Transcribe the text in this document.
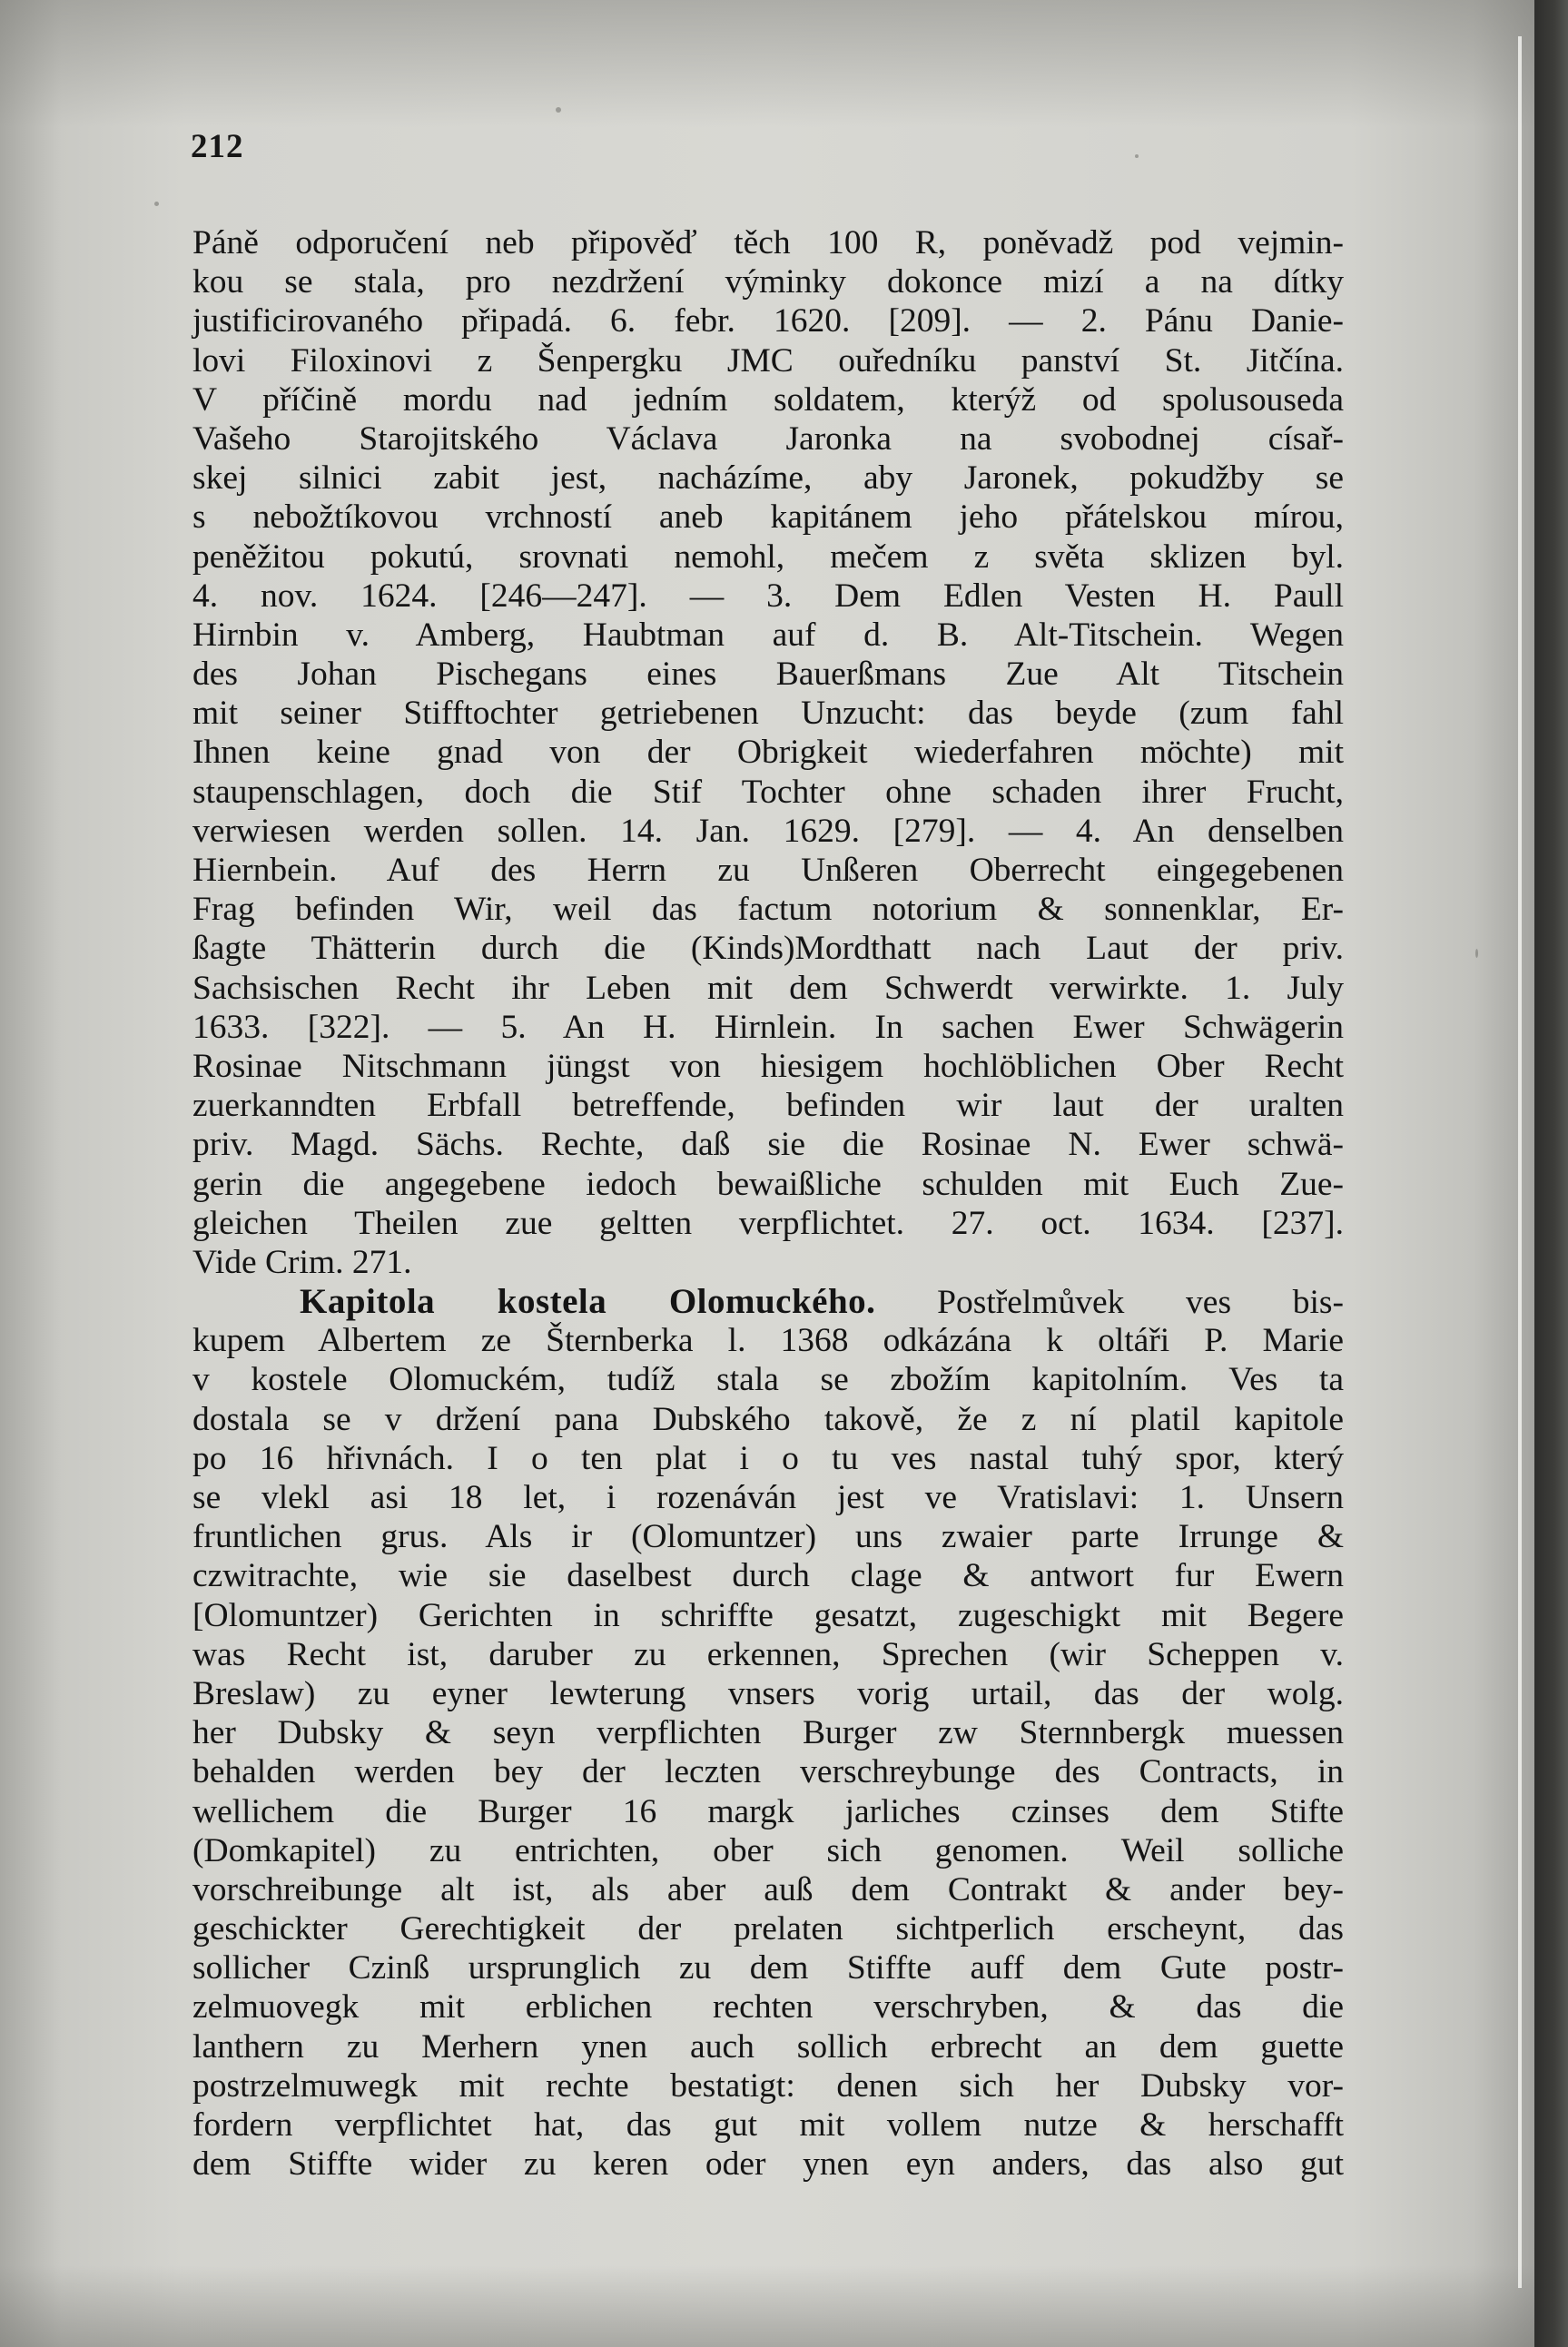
212
Páně odporučení neb připověď těch 100 R, poněvadž pod vejmin-
kou se stala, pro nezdržení výminky dokonce mizí a na dítky
justificirovaného připadá. 6. febr. 1620. [209]. — 2. Pánu Danie-
lovi Filoxinovi z Šenpergku JMC ouředníku panství St. Jitčína.
V příčině mordu nad jedním soldatem, kterýž od spolusouseda
Vašeho Starojitského Václava Jaronka na svobodnej císař-
skej silnici zabit jest, nacházíme, aby Jaronek, pokudžby se
s nebožtíkovou vrchností aneb kapitánem jeho přátelskou mírou,
peněžitou pokutú, srovnati nemohl, mečem z světa sklizen byl.
4. nov. 1624. [246—247]. — 3. Dem Edlen Vesten H. Paull
Hirnbin v. Amberg, Haubtman auf d. B. Alt-Titschein. Wegen
des Johan Pischegans eines Bauerßmans Zue Alt Titschein
mit seiner Stifftochter getriebenen Unzucht: das beyde (zum fahl
Ihnen keine gnad von der Obrigkeit wiederfahren möchte) mit
staupenschlagen, doch die Stif Tochter ohne schaden ihrer Frucht,
verwiesen werden sollen. 14. Jan. 1629. [279]. — 4. An denselben
Hiernbein. Auf des Herrn zu Unßeren Oberrecht eingegebenen
Frag befinden Wir, weil das factum notorium & sonnenklar, Er-
ßagte Thätterin durch die (Kinds)Mordthatt nach Laut der priv.
Sachsischen Recht ihr Leben mit dem Schwerdt verwirkte. 1. July
1633. [322]. — 5. An H. Hirnlein. In sachen Ewer Schwägerin
Rosinae Nitschmann jüngst von hiesigem hochlöblichen Ober Recht
zuerkanndten Erbfall betreffende, befinden wir laut der uralten
priv. Magd. Sächs. Rechte, daß sie die Rosinae N. Ewer schwä-
gerin die angegebene iedoch bewaißliche schulden mit Euch Zue-
gleichen Theilen zue geltten verpflichtet. 27. oct. 1634. [237].
Vide Crim. 271.
Kapitola kostela Olomuckého. Postřelmůvek ves bis-
kupem Albertem ze Šternberka l. 1368 odkázána k oltáři P. Marie
v kostele Olomuckém, tudíž stala se zbožím kapitolním. Ves ta
dostala se v držení pana Dubského takově, že z ní platil kapitole
po 16 hřivnách. I o ten plat i o tu ves nastal tuhý spor, který
se vlekl asi 18 let, i rozenáván jest ve Vratislavi: 1. Unsern
fruntlichen grus. Als ir (Olomuntzer) uns zwaier parte Irrunge &
czwitrachte, wie sie daselbest durch clage & antwort fur Ewern
[Olomuntzer) Gerichten in schriffte gesatzt, zugeschigkt mit Begere
was Recht ist, daruber zu erkennen, Sprechen (wir Scheppen v.
Breslaw) zu eyner lewterung vnsers vorig urtail, das der wolg.
her Dubsky & seyn verpflichten Burger zw Sternnbergk muessen
behalden werden bey der leczten verschreybunge des Contracts, in
wellichem die Burger 16 margk jarliches czinses dem Stifte
(Domkapitel) zu entrichten, ober sich genomen. Weil solliche
vorschreibunge alt ist, als aber auß dem Contrakt & ander bey-
geschickter Gerechtigkeit der prelaten sichtperlich erscheynt, das
sollicher Czinß ursprunglich zu dem Stiffte auff dem Gute postr-
zelmuovegk mit erblichen rechten verschryben, & das die
lanthern zu Merhern ynen auch sollich erbrecht an dem guette
postrzelmuwegk mit rechte bestatigt: denen sich her Dubsky vor-
fordern verpflichtet hat, das gut mit vollem nutze & herschafft
dem Stiffte wider zu keren oder ynen eyn anders, das also gut
